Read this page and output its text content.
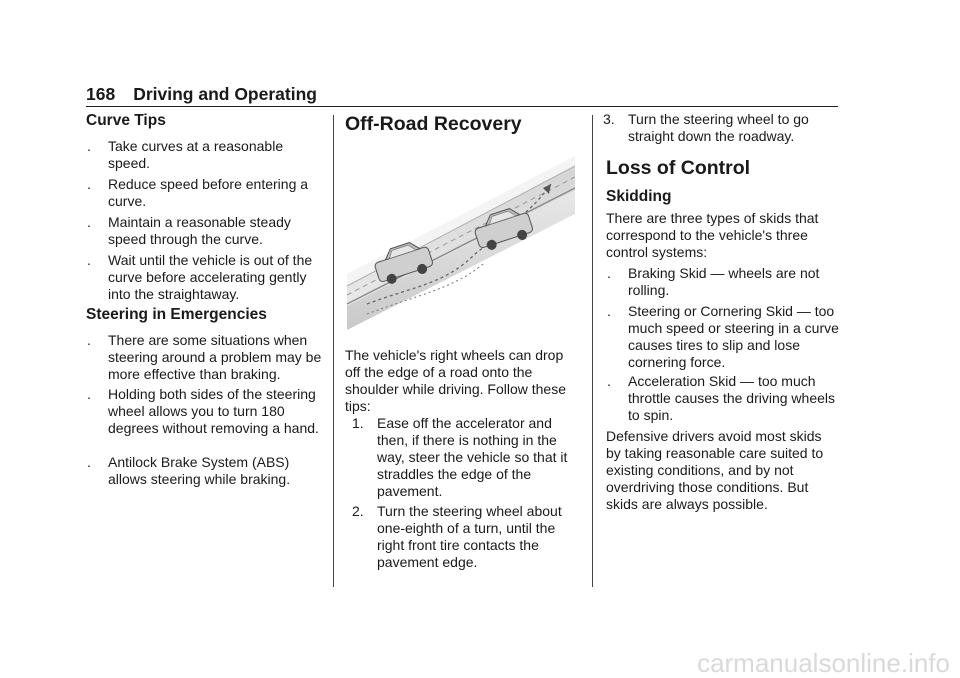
168 Driving and Operating
Curve Tips
. Take curves at a reasonable speed.
. Reduce speed before entering a curve.
. Maintain a reasonable steady speed through the curve.
. Wait until the vehicle is out of the curve before accelerating gently into the straightaway.
Steering in Emergencies
. There are some situations when steering around a problem may be more effective than braking.
. Holding both sides of the steering wheel allows you to turn 180 degrees without removing a hand.
. Antilock Brake System (ABS) allows steering while braking.
Off-Road Recovery

The vehicle's right wheels can drop off the edge of a road onto the shoulder while driving. Follow these tips:

1. Ease off the accelerator and then, if there is nothing in the way, steer the vehicle so that it straddles the edge of the pavement.
2. Turn the steering wheel about one-eighth of a turn, until the right front tire contacts the pavement edge.
3. Turn the steering wheel to go straight down the roadway.
Loss of Control
Skidding

There are three types of skids that correspond to the vehicle's three control systems:

. Braking Skid — wheels are not rolling.
. Steering or Cornering Skid — too much speed or steering in a curve causes tires to slip and lose cornering force.
. Acceleration Skid — too much throttle causes the driving wheels to spin.

Defensive drivers avoid most skids by taking reasonable care suited to existing conditions, and by not overdriving those conditions. But skids are always possible.

carmanualsonline.info
